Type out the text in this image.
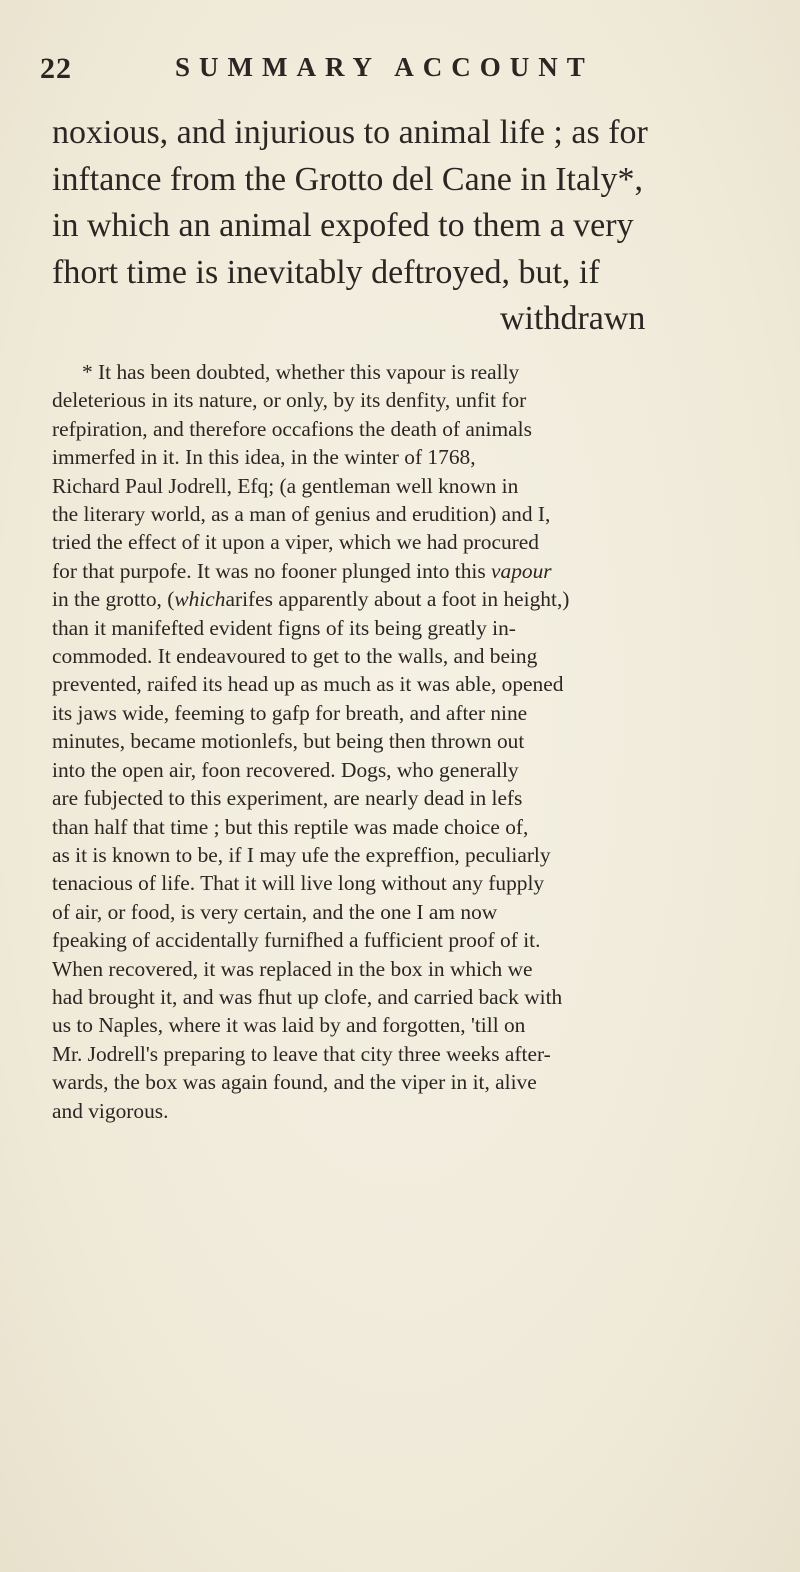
22	SUMMARY ACCOUNT
noxious, and injurious to animal life ; as for
inftance from the Grotto del Cane in Italy*,
in which an animal expofed to them a very
fhort time is inevitably deftroyed, but, if
withdrawn
* It has been doubted, whether this vapour is really
deleterious in its nature, or only, by its denfity, unfit for
refpiration, and therefore occafions the death of animals
immerfed in it. In this idea, in the winter of 1768,
Richard Paul Jodrell, Efq; (a gentleman well known in
the literary world, as a man of genius and erudition) and I,
tried the effect of it upon a viper, which we had procured
for that purpofe. It was no fooner plunged into this vapour
in the grotto, (whicharifes apparently about a foot in height,)
than it manifefted evident figns of its being greatly in-
commoded. It endeavoured to get to the walls, and being
prevented, raifed its head up as much as it was able, opened
its jaws wide, feeming to gafp for breath, and after nine
minutes, became motionlefs, but being then thrown out
into the open air, foon recovered. Dogs, who generally
are fubjected to this experiment, are nearly dead in lefs
than half that time ; but this reptile was made choice of,
as it is known to be, if I may ufe the expreffion, peculiarly
tenacious of life. That it will live long without any fupply
of air, or food, is very certain, and the one I am now
fpeaking of accidentally furnifhed a fufficient proof of it.
When recovered, it was replaced in the box in which we
had brought it, and was fhut up clofe, and carried back with
us to Naples, where it was laid by and forgotten, 'till on
Mr. Jodrell's preparing to leave that city three weeks after-
wards, the box was again found, and the viper in it, alive
and vigorous.
